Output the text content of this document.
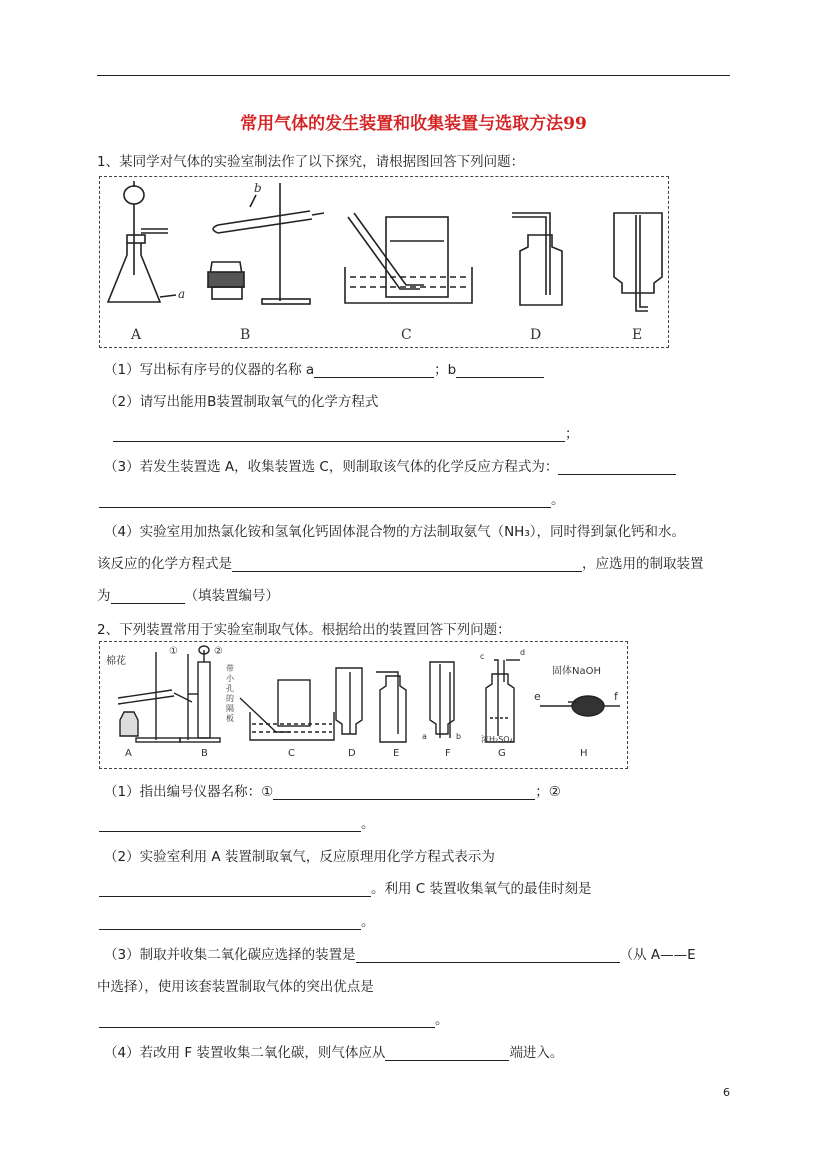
常用气体的发生装置和收集装置与选取方法99
1、某同学对气体的实验室制法作了以下探究，请根据图回答下列问题：
A	B	C	D	E
a
b
（1）写出标有序号的仪器的名称 a	；b
（2）请写出能用B装置制取氧气的化学方程式
；
（3）若发生装置选 A，收集装置选 C，则制取该气体的化学反应方程式为：
。
（4）实验室用加热氯化铵和氢氧化钙固体混合物的方法制取氨气（NH₃），同时得到氯化钙和水。
该反应的化学方程式是	，应选用的制取装置
为	（填装置编号）
2、下列装置常用于实验室制取气体。根据给出的装置回答下列问题：
A	B	C	D	E	F	G	H
棉花
①	②
带小孔的隔板
固体NaOH
浓H₂SO₄
a	b
c	d
e	f
（1）指出编号仪器名称：①	；②
。
（2）实验室利用 A 装置制取氧气，反应原理用化学方程式表示为
。利用 C 装置收集氧气的最佳时刻是
。
（3）制取并收集二氧化碳应选择的装置是	（从 A——E
中选择），使用该套装置制取气体的突出优点是
。
（4）若改用 F 装置收集二氧化碳，则气体应从	端进入。
6
